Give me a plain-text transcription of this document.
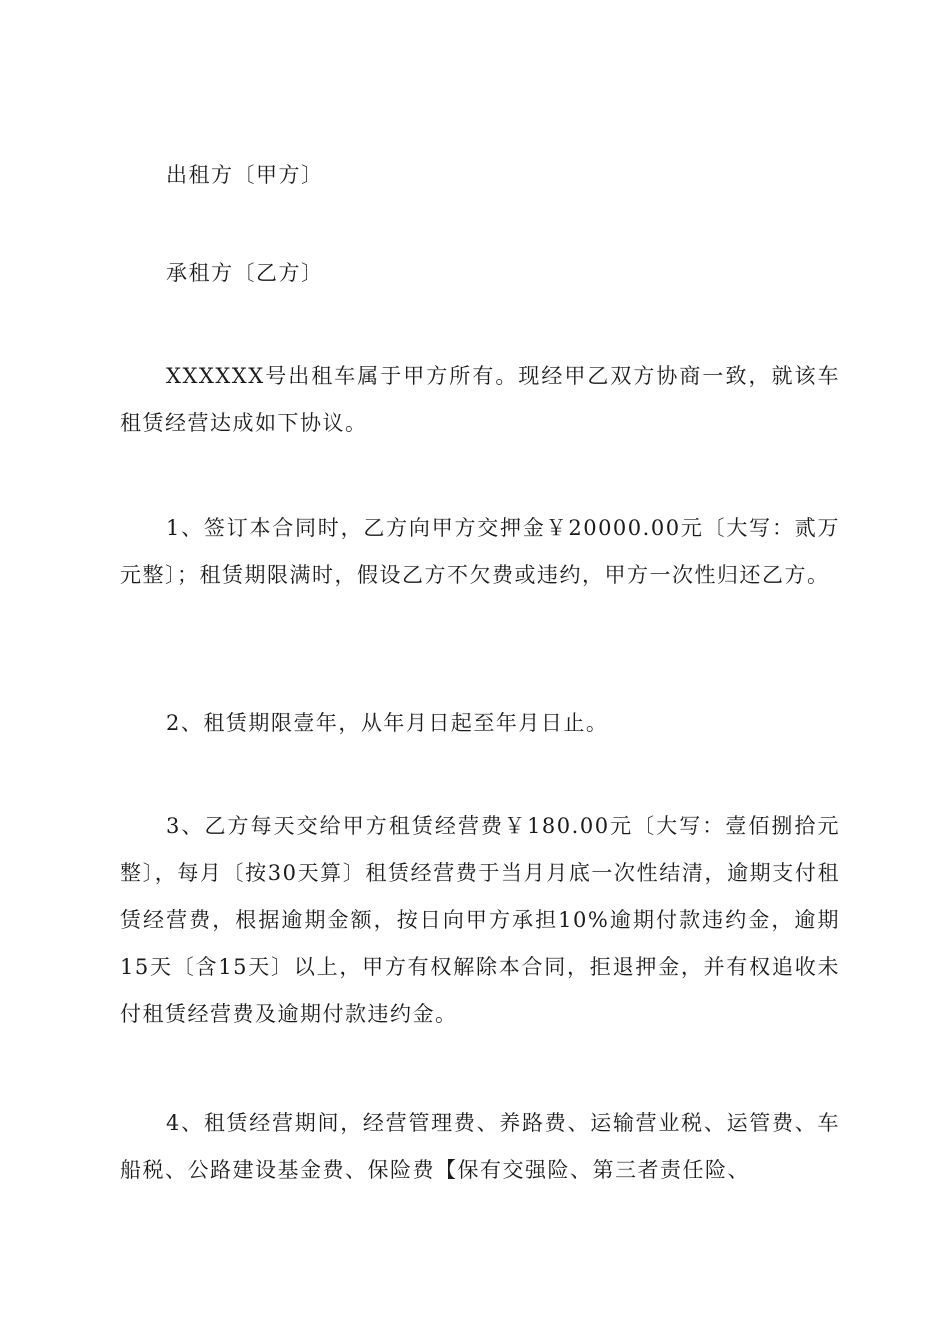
出租方〔甲方〕

承租方〔乙方〕

XXXXXX号出租车属于甲方所有。现经甲乙双方协商一致，就该车租赁经营达成如下协议。

1、签订本合同时，乙方向甲方交押金￥20000.00元〔大写：贰万元整〕；租赁期限满时，假设乙方不欠费或违约，甲方一次性归还乙方。

2、租赁期限壹年，从年月日起至年月日止。

3、乙方每天交给甲方租赁经营费￥180.00元〔大写：壹佰捌拾元整〕，每月〔按30天算〕租赁经营费于当月月底一次性结清，逾期支付租赁经营费，根据逾期金额，按日向甲方承担10%逾期付款违约金，逾期15天〔含15天〕以上，甲方有权解除本合同，拒退押金，并有权追收未付租赁经营费及逾期付款违约金。

4、租赁经营期间，经营管理费、养路费、运输营业税、运管费、车船税、公路建设基金费、保险费【保有交强险、第三者责任险、
